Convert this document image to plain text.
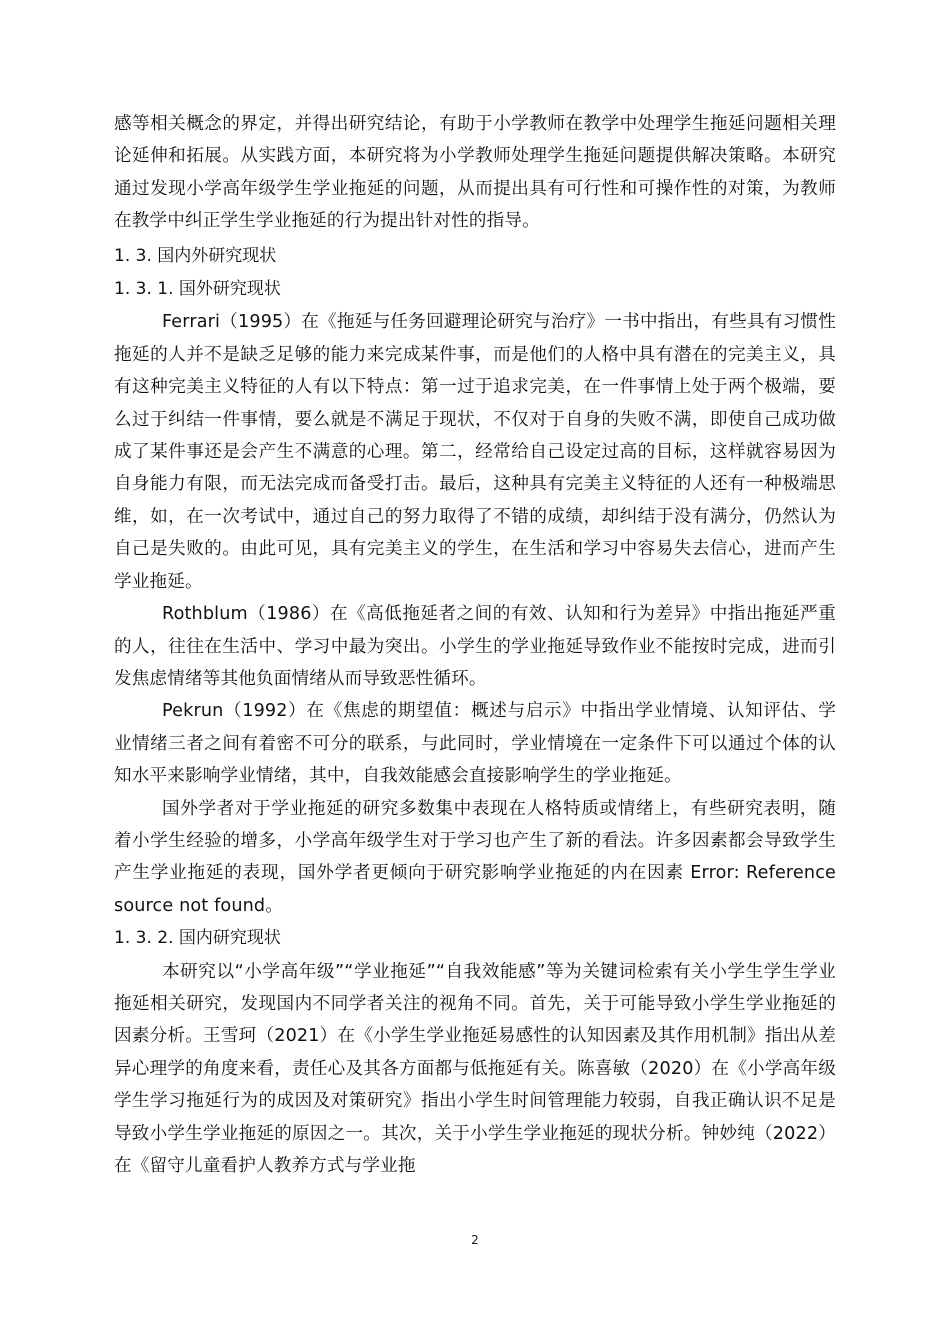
感等相关概念的界定，并得出研究结论，有助于小学教师在教学中处理学生拖延问题相关理论延伸和拓展。从实践方面，本研究将为小学教师处理学生拖延问题提供解决策略。本研究通过发现小学高年级学生学业拖延的问题，从而提出具有可行性和可操作性的对策，为教师在教学中纠正学生学业拖延的行为提出针对性的指导。

1. 3. 国内外研究现状
1. 3. 1. 国外研究现状

Ferrari（1995）在《拖延与任务回避理论研究与治疗》一书中指出，有些具有习惯性拖延的人并不是缺乏足够的能力来完成某件事，而是他们的人格中具有潜在的完美主义，具有这种完美主义特征的人有以下特点：第一过于追求完美，在一件事情上处于两个极端，要么过于纠结一件事情，要么就是不满足于现状，不仅对于自身的失败不满，即使自己成功做成了某件事还是会产生不满意的心理。第二，经常给自己设定过高的目标，这样就容易因为自身能力有限，而无法完成而备受打击。最后，这种具有完美主义特征的人还有一种极端思维，如，在一次考试中，通过自己的努力取得了不错的成绩，却纠结于没有满分，仍然认为自己是失败的。由此可见，具有完美主义的学生，在生活和学习中容易失去信心，进而产生学业拖延。

Rothblum（1986）在《高低拖延者之间的有效、认知和行为差异》中指出拖延严重的人，往往在生活中、学习中最为突出。小学生的学业拖延导致作业不能按时完成，进而引发焦虑情绪等其他负面情绪从而导致恶性循环。

Pekrun（1992）在《焦虑的期望值：概述与启示》中指出学业情境、认知评估、学业情绪三者之间有着密不可分的联系，与此同时，学业情境在一定条件下可以通过个体的认知水平来影响学业情绪，其中，自我效能感会直接影响学生的学业拖延。

国外学者对于学业拖延的研究多数集中表现在人格特质或情绪上，有些研究表明，随着小学生经验的增多，小学高年级学生对于学习也产生了新的看法。许多因素都会导致学生产生学业拖延的表现，国外学者更倾向于研究影响学业拖延的内在因素 Error: Reference source not found。

1. 3. 2. 国内研究现状

本研究以“小学高年级”“学业拖延”“自我效能感”等为关键词检索有关小学生学生学业拖延相关研究，发现国内不同学者关注的视角不同。首先，关于可能导致小学生学业拖延的因素分析。王雪珂（2021）在《小学生学业拖延易感性的认知因素及其作用机制》指出从差异心理学的角度来看，责任心及其各方面都与低拖延有关。陈喜敏（2020）在《小学高年级学生学习拖延行为的成因及对策研究》指出小学生时间管理能力较弱，自我正确认识不足是导致小学生学业拖延的原因之一。其次，关于小学生学业拖延的现状分析。钟妙纯（2022）在《留守儿童看护人教养方式与学业拖

2
